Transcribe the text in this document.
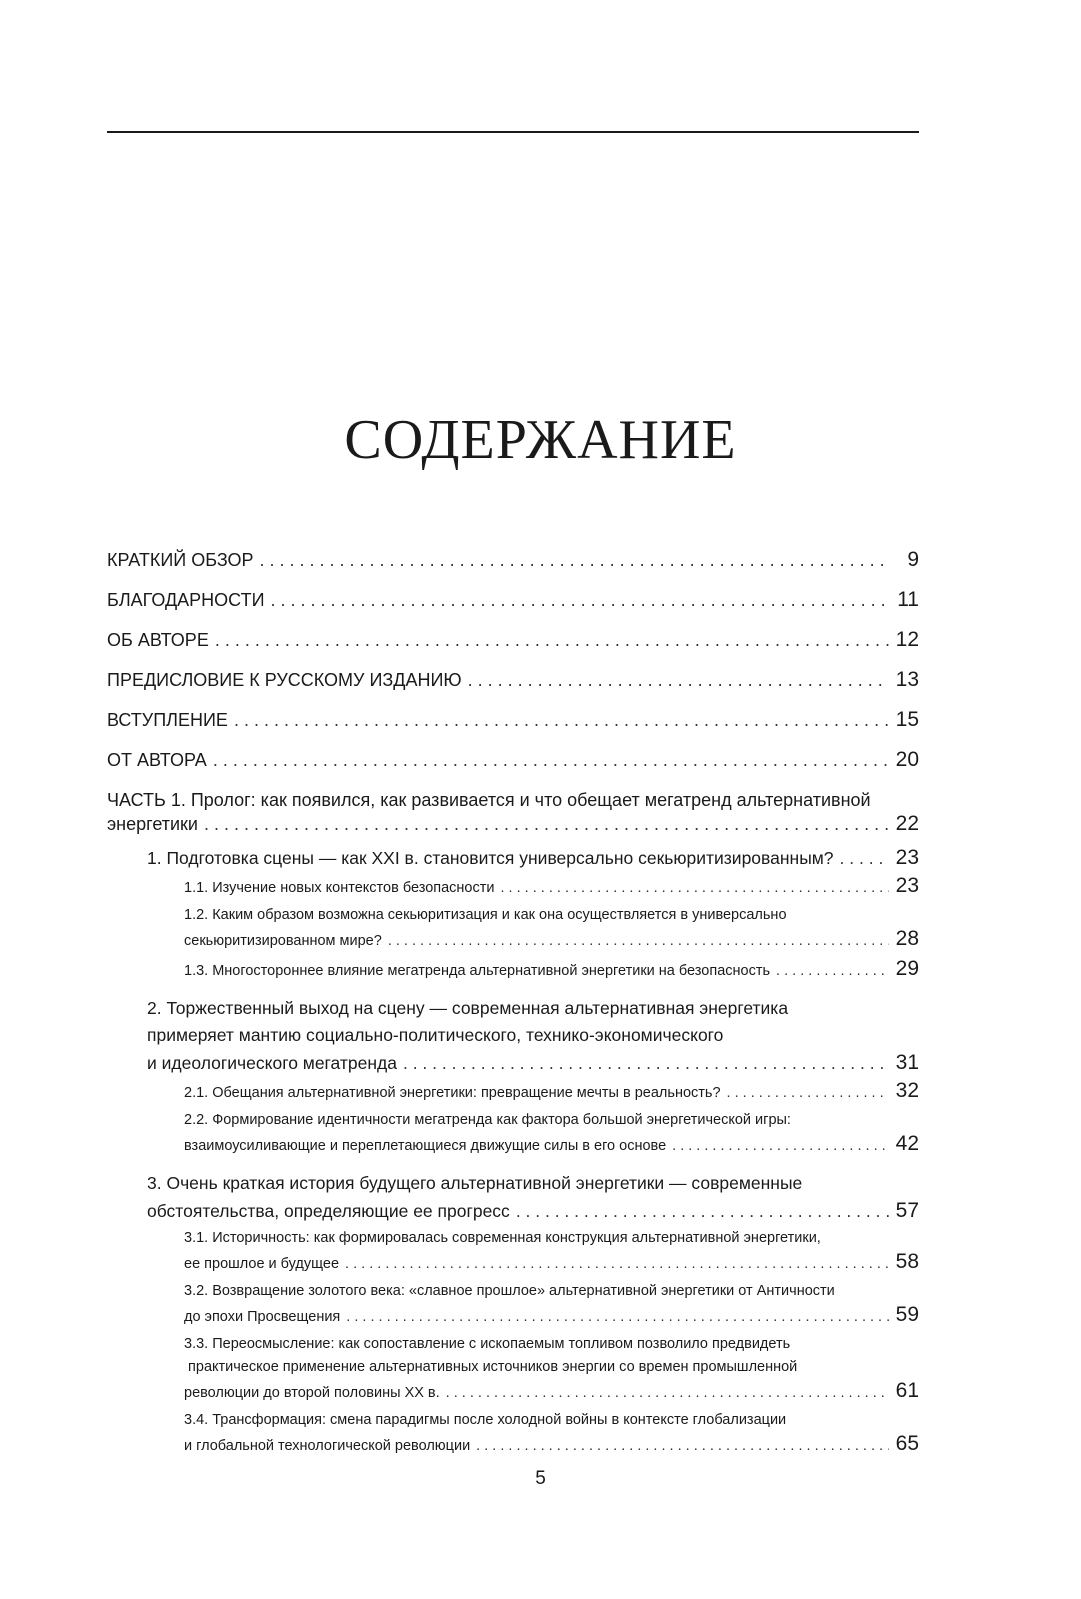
СОДЕРЖАНИЕ
КРАТКИЙ ОБЗОР . . .	9
БЛАГОДАРНОСТИ . . .	11
ОБ АВТОРЕ . . .	12
ПРЕДИСЛОВИЕ К РУССКОМУ ИЗДАНИЮ . . .	13
ВСТУПЛЕНИЕ . . .	15
ОТ АВТОРА . . .	20
ЧАСТЬ 1. Пролог: как появился, как развивается и что обещает мегатренд альтернативной
энергетики . . .	22
1. Подготовка сцены — как XXI в. становится универсально секьюритизированным? . . .	23
1.1. Изучение новых контекстов безопасности . . .	23
1.2. Каким образом возможна секьюритизация и как она осуществляется в универсально
секьюритизированном мире? . . .	28
1.3. Многостороннее влияние мегатренда альтернативной энергетики на безопасность . . .	29
2. Торжественный выход на сцену — современная альтернативная энергетика
примеряет мантию социально-политического, технико-экономического
и идеологического мегатренда . . .	31
2.1. Обещания альтернативной энергетики: превращение мечты в реальность? . . .	32
2.2. Формирование идентичности мегатренда как фактора большой энергетической игры:
взаимоусиливающие и переплетающиеся движущие силы в его основе . . .	42
3. Очень краткая история будущего альтернативной энергетики — современные
обстоятельства, определяющие ее прогресс . . .	57
3.1. Историчность: как формировалась современная конструкция альтернативной энергетики,
ее прошлое и будущее . . .	58
3.2. Возвращение золотого века: «славное прошлое» альтернативной энергетики от Античности
до эпохи Просвещения . . .	59
3.3. Переосмысление: как сопоставление с ископаемым топливом позволило предвидеть
практическое применение альтернативных источников энергии со времен промышленной
революции до второй половины XX в. . . .	61
3.4. Трансформация: смена парадигмы после холодной войны в контексте глобализации
и глобальной технологической революции . . .	65
5
